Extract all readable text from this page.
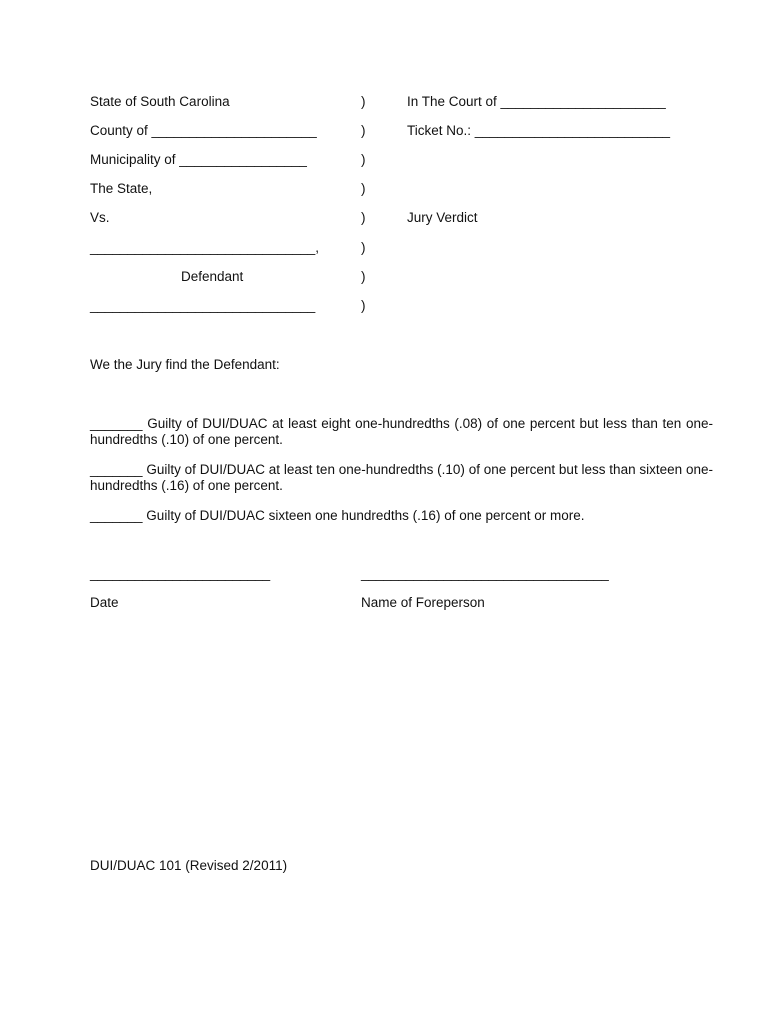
State of South Carolina
County of ______________________
Municipality of _________________
The State,
Vs.
______________________________,
Defendant
______________________________
)
)
)
)
)
)
)
)
In The Court of ______________________
Ticket No.: __________________________
Jury Verdict
We the Jury find the Defendant:
_______ Guilty of DUI/DUAC at least eight one-hundredths (.08) of one percent but less than ten one- hundredths (.10) of one percent.
_______ Guilty of DUI/DUAC at least ten one-hundredths (.10) of one percent but less than sixteen one-hundredths (.16) of one percent.
_______ Guilty of DUI/DUAC sixteen one hundredths (.16) of one percent or more.
________________________	_________________________________
Date	Name of Foreperson
DUI/DUAC 101 (Revised 2/2011)
